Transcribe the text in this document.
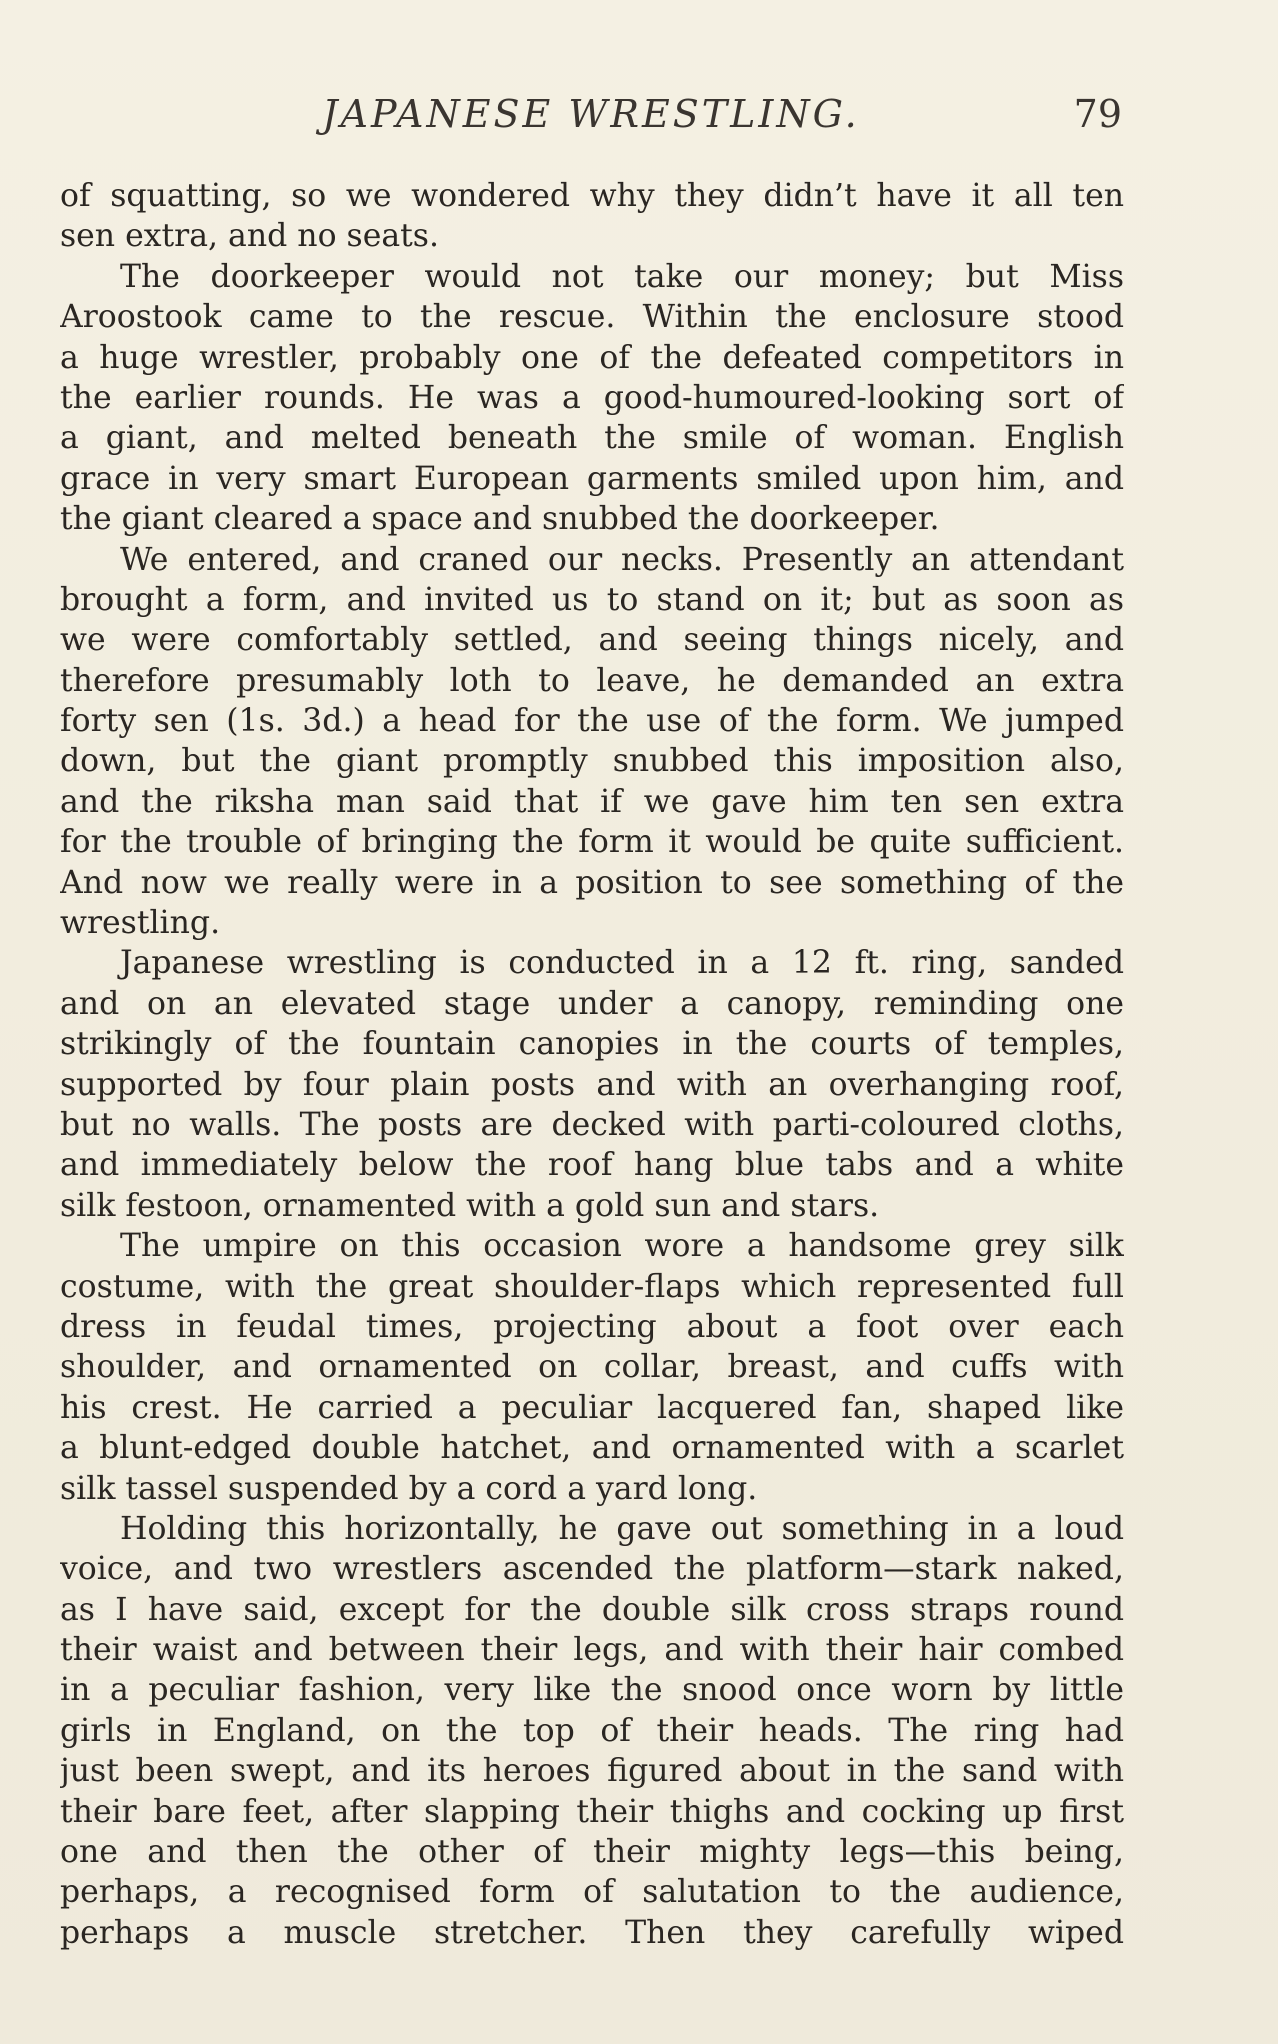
JAPANESE WRESTLING.	79
of squatting, so we wondered why they didn’t have it all ten
sen extra, and no seats.
The doorkeeper would not take our money; but Miss
Aroostook came to the rescue. Within the enclosure stood
a huge wrestler, probably one of the defeated competitors in
the earlier rounds. He was a good-humoured-looking sort of
a giant, and melted beneath the smile of woman. English
grace in very smart European garments smiled upon him, and
the giant cleared a space and snubbed the doorkeeper.
We entered, and craned our necks. Presently an attendant
brought a form, and invited us to stand on it; but as soon as
we were comfortably settled, and seeing things nicely, and
therefore presumably loth to leave, he demanded an extra
forty sen (1s. 3d.) a head for the use of the form. We jumped
down, but the giant promptly snubbed this imposition also,
and the riksha man said that if we gave him ten sen extra
for the trouble of bringing the form it would be quite sufficient.
And now we really were in a position to see something of the
wrestling.
Japanese wrestling is conducted in a 12 ft. ring, sanded
and on an elevated stage under a canopy, reminding one
strikingly of the fountain canopies in the courts of temples,
supported by four plain posts and with an overhanging roof,
but no walls. The posts are decked with parti-coloured cloths,
and immediately below the roof hang blue tabs and a white
silk festoon, ornamented with a gold sun and stars.
The umpire on this occasion wore a handsome grey silk
costume, with the great shoulder-flaps which represented full
dress in feudal times, projecting about a foot over each
shoulder, and ornamented on collar, breast, and cuffs with
his crest. He carried a peculiar lacquered fan, shaped like
a blunt-edged double hatchet, and ornamented with a scarlet
silk tassel suspended by a cord a yard long.
Holding this horizontally, he gave out something in a loud
voice, and two wrestlers ascended the platform—stark naked,
as I have said, except for the double silk cross straps round
their waist and between their legs, and with their hair combed
in a peculiar fashion, very like the snood once worn by little
girls in England, on the top of their heads. The ring had
just been swept, and its heroes figured about in the sand with
their bare feet, after slapping their thighs and cocking up first
one and then the other of their mighty legs—this being,
perhaps, a recognised form of salutation to the audience,
perhaps a muscle stretcher. Then they carefully wiped
